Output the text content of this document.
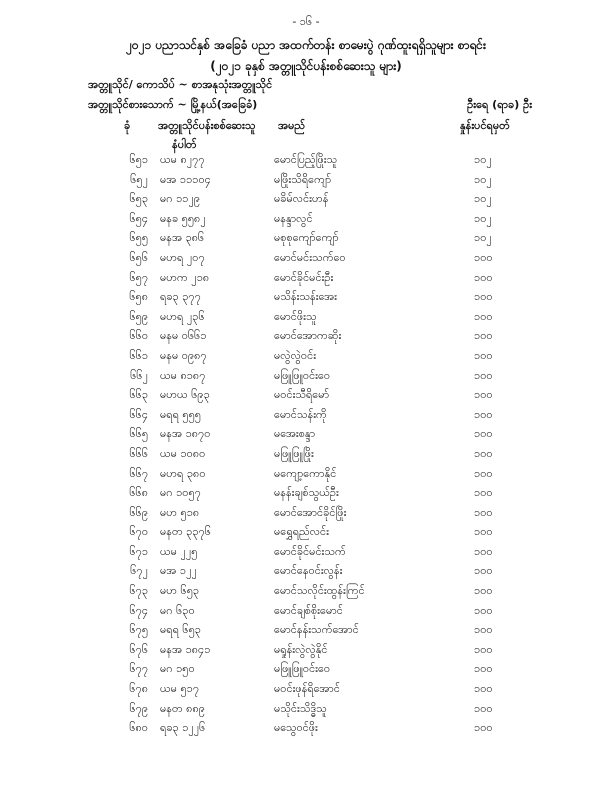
- ၁၆ -
၂၀၂၁ ပညာသင်နှစ် အခြေခံ ပညာ အထက်တန်း စာမေးပွဲ ဂုဏ်ထူးရရှိသူများ စာရင်း
(၂၀၂၁ ခုနှစ် အတ္တူသိုင်ပန်းစစ်ဆေးသူ များ)
အတ္တူသိုင်/ ကောသိပ် ~ စာအနုသုံးအတ္တူသိုင်
အတ္တူသိုင်စားသောက် ~ မြို့နယ်(အခြေခံ)	ဦးရေ (ရာခ) ဦး
ခုံ	အတ္တူသိုင်ပန်းစစ်ဆေးသူ
နံပါတ်
အမည်	နှုန်းပင်ရမှတ်
၆၅၁ ယမ ၈၂၇၇	မောင်ပြည့်ဖြိုးသူ	၁၀၂
၆၅၂ မအ ၁၁၁၀၄	မဖြိုးသိရိကျော်	၁၀၂
၆၅၃ မဂ ၁၁၂၉	မခိမ်လင်းဟန်	၁၀၂
၆၅၄ မနခ ၅၅၈၂	မနန္ဒာလွင်	၁၀၂
၆၅၅ မနအ ၃၈၆	မစုစုကျော်ကျော်	၁၀၂
၆၅၆ မဟရ ၂၀၇	မောင်မင်းသက်ဝေ	၁၀၀
၆၅၇ မဟက ၂၁၈	မောင်ခိုင်မင်းဦး	၁၀၀
၆၅၈ ရခ၃ ၃၇၇	မသိန်းသန်းအေး	၁၀၀
၆၅၉ မဟရ ၂၃၆	မောင်ဖိုးသူ	၁၀၀
၆၆၀ မနမ ၀၆၆၁	မောင်အောကဆိုး	၁၀၀
၆၆၁ မနမ ၀၉၈၇	မလွဲလွဲဝင်း	၁၀၀
၆၆၂ ယမ ၈၁၈၇	မဖြူဖြူဝင်းဝေ	၁၀၀
၆၆၃ မဟယ ၆၉၃	မဝင်းသီရိမော်	၁၀၀
၆၆၄ မရရ ၅၅၅	မောင်သန်းကို	၁၀၀
၆၆၅ မနအ ၁၈၇၀	မအေးစန္ဒာ	၁၀၀
၆၆၆ ယမ ၁၀၈၀	မဖြူဖြူဖြိုး	၁၀၀
၆၆၇ မဟရ ၃၈၀	မကျော့ကောနိုင်	၁၀၀
၆၆၈ မဂ ၁၀၅၇	မနန်းချစ်သွယ်ဦး	၁၀၀
၆၆၉ မဟ ၅၁၈	မောင်အောင်ခိုင်ဖြိုး	၁၀၀
၆၇၀ မနတ ၃၃၇၆	မရွှေရည်လင်း	၁၀၀
၆၇၁ ယမ ၂၂၅	မောင်ခိုင်မင်းသက်	၁၀၀
၆၇၂ မအ ၁၂၂	မောင်နေဝင်းလွန်း	၁၀၀
၆၇၃ မဟ ၆၅၃	မောင်သလိုင်းထွန်းကြင်	၁၀၀
၆၇၄ မဂ ၆၃၀	မောင်ချစ်စိုးမောင်	၁၀၀
၆၇၅ မရရ ၆၅၃	မောင်နန်းသက်အောင်	၁၀၀
၆၇၆ မနအ ၁၈၄၁	မရှုန်းလွဲလွဲနိုင်	၁၀၀
၆၇၇ မဂ ၁၅၀	မဖြူဖြူဝင်းဝေ	၁၀၀
၆၇၈ ယမ ၅၁၇	မဝင်းဖုန်ရိအောင်	၁၀၀
၆၇၉ မနတ ၈၈၉	မသိုင်းသိဒ္ဓိသူ	၁၀၀
၆၈၀ ရခ၃ ၁၂၂၆	မသွေဝင်ဖိုး	၁၀၀
